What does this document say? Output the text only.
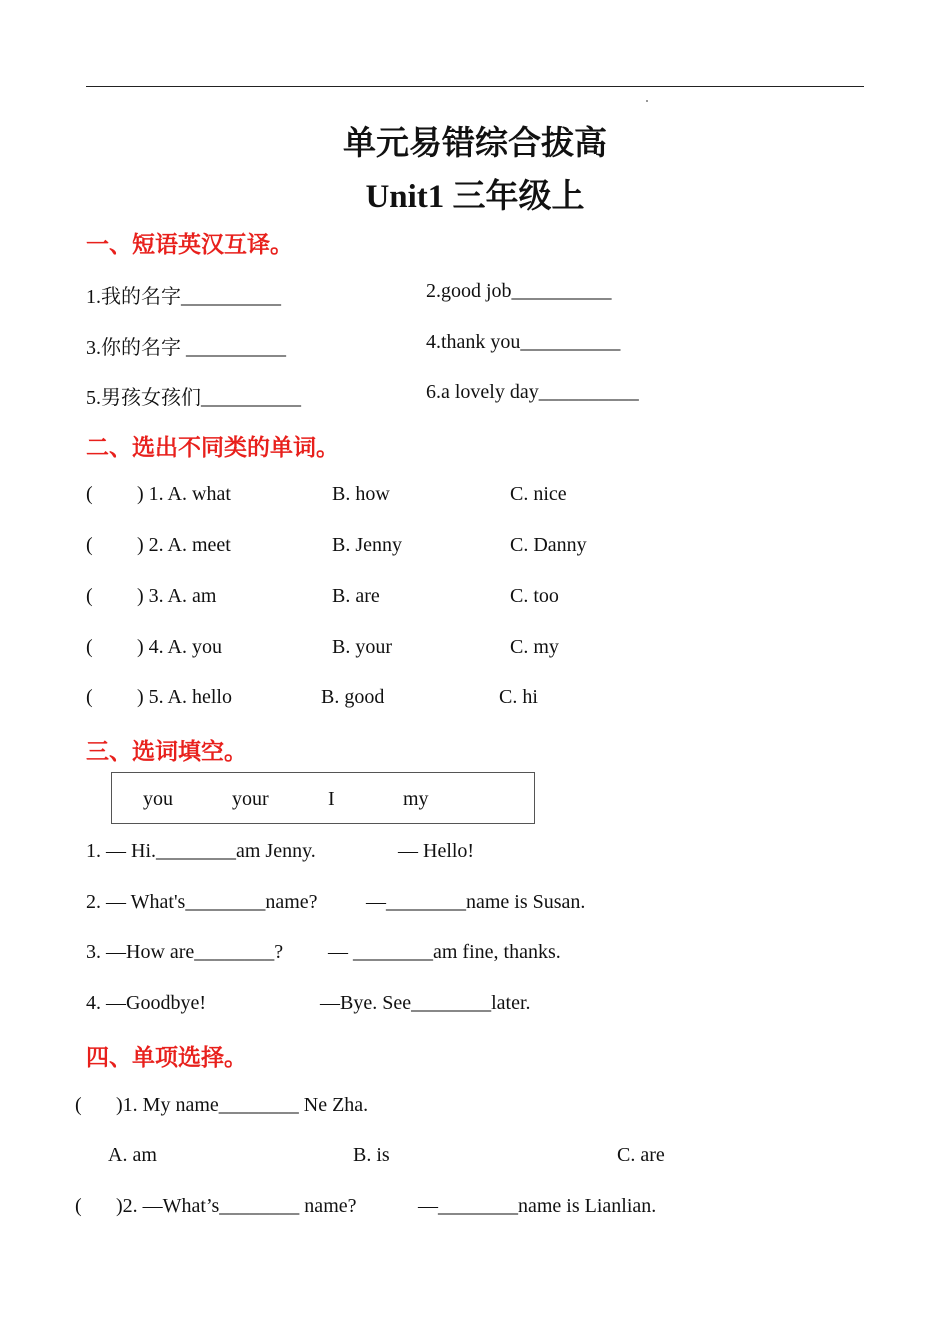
单元易错综合拔高
Unit1 三年级上
一、短语英汉互译。
1.我的名字__________	2.good job__________
3.你的名字 __________	4.thank you__________
5.男孩女孩们__________	6.a lovely day__________
二、选出不同类的单词。
( ) 1. A. what	B. how	C. nice
( ) 2. A. meet	B. Jenny	C. Danny
( ) 3. A. am	B. are	C. too
( ) 4. A. you	B. your	C. my
( ) 5. A. hello	B. good	C. hi
三、选词填空。
you	your	I	my
1. — Hi.________am Jenny.	— Hello!
2. — What's________name? —________name is Susan.
3. —How are________? — ________am fine, thanks.
4. —Goodbye!	—Bye. See________later.
四、单项选择。
( )1. My name________ Ne Zha.
A. am	B. is	C. are
( )2. —What’s________ name?	—________name is Lianlian.
